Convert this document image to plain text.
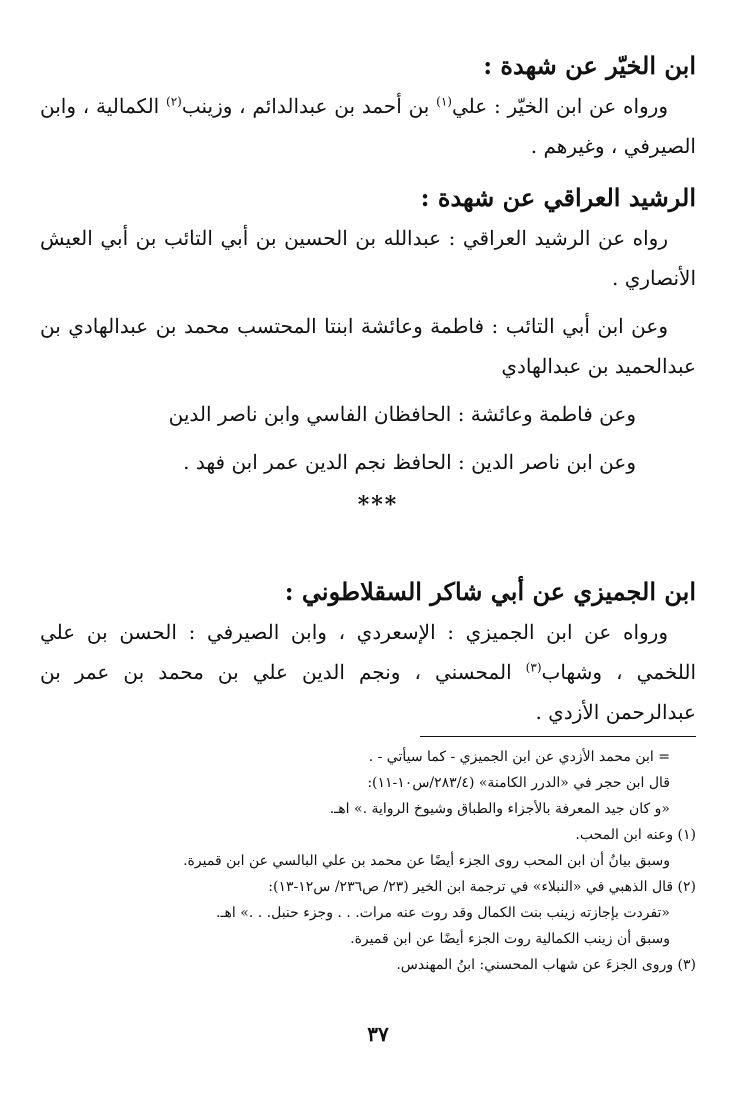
ابن الخيّر عن شهدة :

ورواه عن ابن الخيّر : علي$^{(١)}$ بن أحمد بن عبدالدائم ، وزينب$^{(٢)}$ الكمالية ، وابن الصيرفي ، وغيرهم .

الرشيد العراقي عن شهدة :

رواه عن الرشيد العراقي : عبدالله بن الحسين بن أبي التائب بن أبي العيش الأنصاري .

وعن ابن أبي التائب : فاطمة وعائشة ابنتا المحتسب محمد بن عبدالهادي بن عبدالحميد بن عبدالهادي

وعن فاطمة وعائشة : الحافظان الفاسي وابن ناصر الدين

وعن ابن ناصر الدين : الحافظ نجم الدين عمر ابن فهد .

***
ابن الجميزي عن أبي شاكر السقلاطوني :

ورواه عن ابن الجميزي : الإسعردي ، وابن الصيرفي : الحسن بن علي اللخمي ، وشهاب$^{(٣)}$ المحسني ، ونجم الدين علي بن محمد بن عمر بن عبدالرحمن الأزدي .

= ابن محمد الأزدي عن ابن الجميزي - كما سيأتي - .

قال ابن حجر في «الدرر الكامنة» (٢٨٣/٤/س١٠-١١):

«و كان جيد المعرفة بالأجزاء والطباق وشيوخ الرواية .» اهـ.

(١) وعنه ابن المحب.

وسبق بيانُ أن ابن المحب روى الجزء أيضًا عن محمد بن علي البالسي عن ابن قميرة.

(٢) قال الذهبي في «النبلاء» في ترجمة ابن الخير (٢٣/ ص٢٣٦/ س١٢-١٣):

«تفردت بإجازته زينب بنت الكمال وقد روت عنه مرات. . . وجزء حنبل. . .» اهـ.

وسبق أن زينب الكمالية روت الجزء أيضًا عن ابن قميرة.

(٣) وروى الجزءَ عن شهاب المحسني: ابنُ المهندس.

٣٧
